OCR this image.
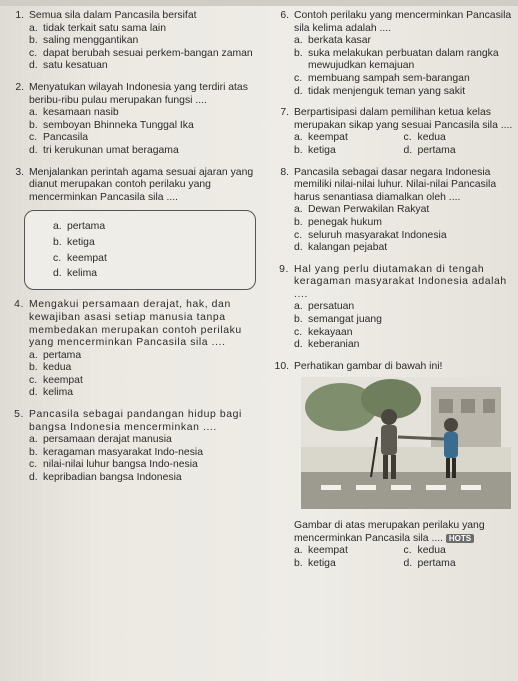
1. Semua sila dalam Pancasila bersifat
a. tidak terkait satu sama lain
b. saling menggantikan
c. dapat berubah sesuai perkem-bangan zaman
d. satu kesatuan
2. Menyatukan wilayah Indonesia yang terdiri atas beribu-ribu pulau merupakan fungsi ....
a. kesamaan nasib
b. semboyan Bhinneka Tunggal Ika
c. Pancasila
d. tri kerukunan umat beragama
3. Menjalankan perintah agama sesuai ajaran yang dianut merupakan contoh perilaku yang mencerminkan Pancasila sila ....
a. pertama
b. ketiga
c. keempat
d. kelima
4. Mengakui persamaan derajat, hak, dan kewajiban asasi setiap manusia tanpa membedakan merupakan contoh perilaku yang mencerminkan Pancasila sila ....
a. pertama
b. kedua
c. keempat
d. kelima
5. Pancasila sebagai pandangan hidup bagi bangsa Indonesia mencerminkan ....
a. persamaan derajat manusia
b. keragaman masyarakat Indo-nesia
c. nilai-nilai luhur bangsa Indo-nesia
d. kepribadian bangsa Indonesia
6. Contoh perilaku yang mencerminkan Pancasila sila kelima adalah ....
a. berkata kasar
b. suka melakukan perbuatan dalam rangka mewujudkan kemajuan
c. membuang sampah sem-barangan
d. tidak menjenguk teman yang sakit
7. Berpartisipasi dalam pemilihan ketua kelas merupakan sikap yang sesuai Pancasila sila ....
a. keempat	c. kedua
b. ketiga	d. pertama
8. Pancasila sebagai dasar negara Indonesia memiliki nilai-nilai luhur. Nilai-nilai Pancasila harus senantiasa diamalkan oleh ....
a. Dewan Perwakilan Rakyat
b. penegak hukum
c. seluruh masyarakat Indonesia
d. kalangan pejabat
9. Hal yang perlu diutamakan di tengah keragaman masyarakat Indonesia adalah ....
a. persatuan
b. semangat juang
c. kekayaan
d. keberanian
10. Perhatikan gambar di bawah ini!
Gambar di atas merupakan perilaku yang mencerminkan Pancasila sila .... HOTS
a. keempat	c. kedua
b. ketiga	d. pertama
